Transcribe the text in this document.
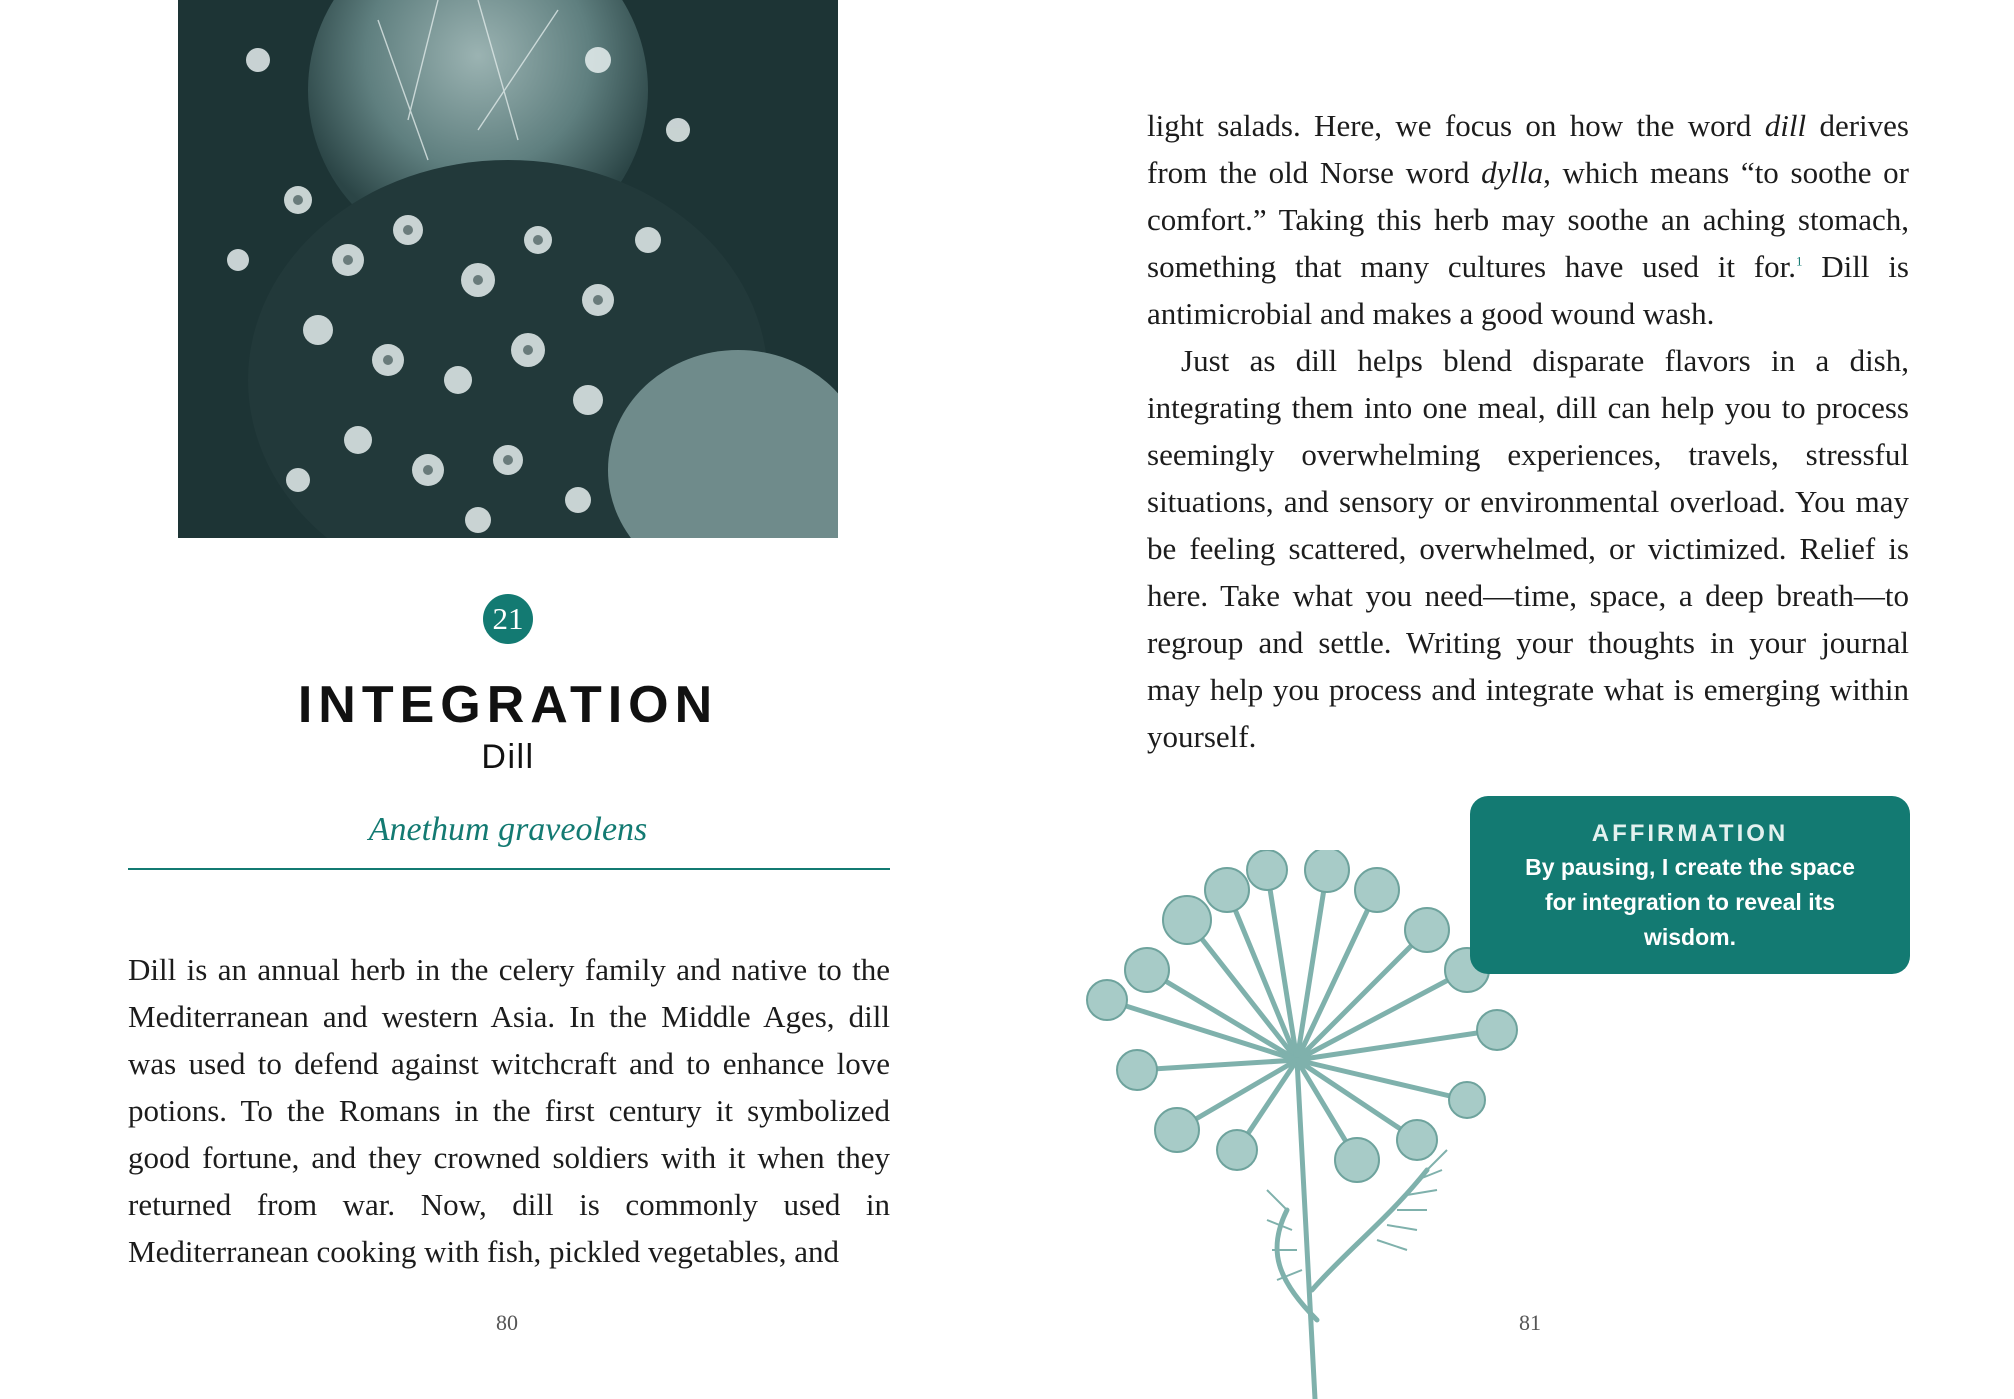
21
INTEGRATION
Dill
Anethum graveolens

Dill is an annual herb in the celery family and native to the Mediterranean and western Asia. In the Middle Ages, dill was used to defend against witchcraft and to enhance love potions. To the Romans in the first century it symbolized good fortune, and they crowned soldiers with it when they returned from war. Now, dill is commonly used in Mediterranean cooking with fish, pickled vegetables, and

80

light salads. Here, we focus on how the word dill derives from the old Norse word dylla, which means “to soothe or comfort.” Taking this herb may soothe an aching stomach, something that many cultures have used it for.$^1$ Dill is antimicrobial and makes a good wound wash.

Just as dill helps blend disparate flavors in a dish, integrating them into one meal, dill can help you to process seemingly overwhelming experiences, travels, stressful situations, and sensory or environmental overload. You may be feeling scattered, overwhelmed, or victimized. Relief is here. Take what you need—time, space, a deep breath—to regroup and settle. Writing your thoughts in your journal may help you process and integrate what is emerging within yourself.

AFFIRMATION
By pausing, I create the space for integration to reveal its wisdom.
81
